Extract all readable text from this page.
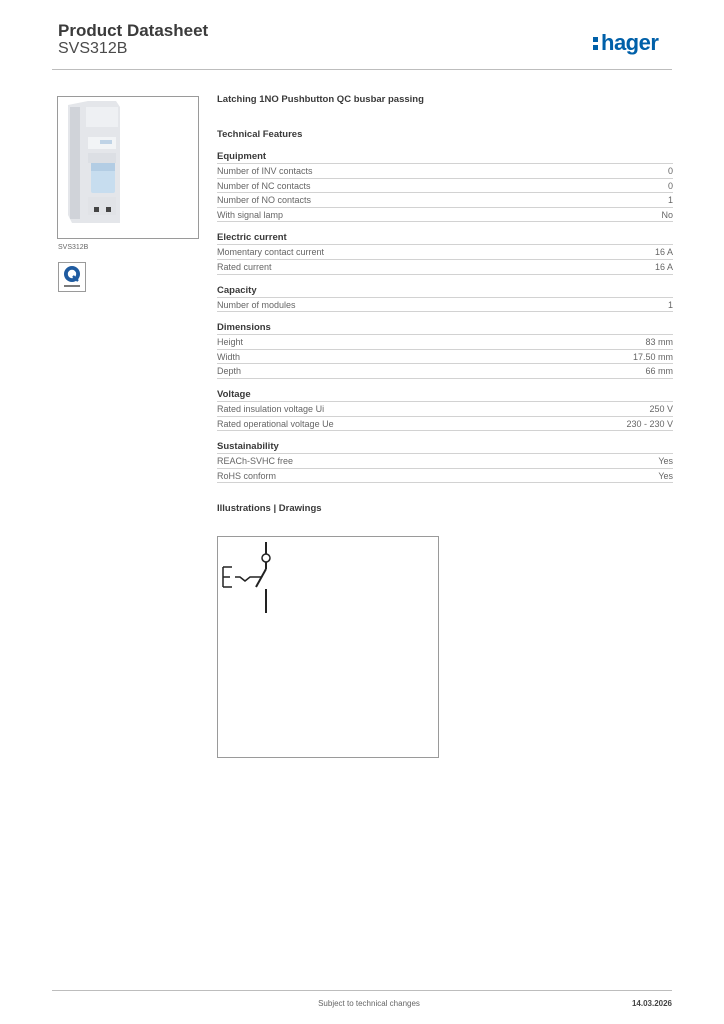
Product Datasheet
SVS312B	hager
SVS312B
Latching 1NO Pushbutton QC busbar passing
Technical Features
Equipment
Number of INV contacts	0
Number of NC contacts	0
Number of NO contacts	1
With signal lamp	No
Electric current
Momentary contact current	16 A
Rated current	16 A
Capacity
Number of modules	1
Dimensions
Height	83 mm
Width	17.50 mm
Depth	66 mm
Voltage
Rated insulation voltage Ui	250 V
Rated operational voltage Ue	230 - 230 V
Sustainability
REACh-SVHC free	Yes
RoHS conform	Yes
Illustrations | Drawings
Subject to technical changes	14.03.2026
